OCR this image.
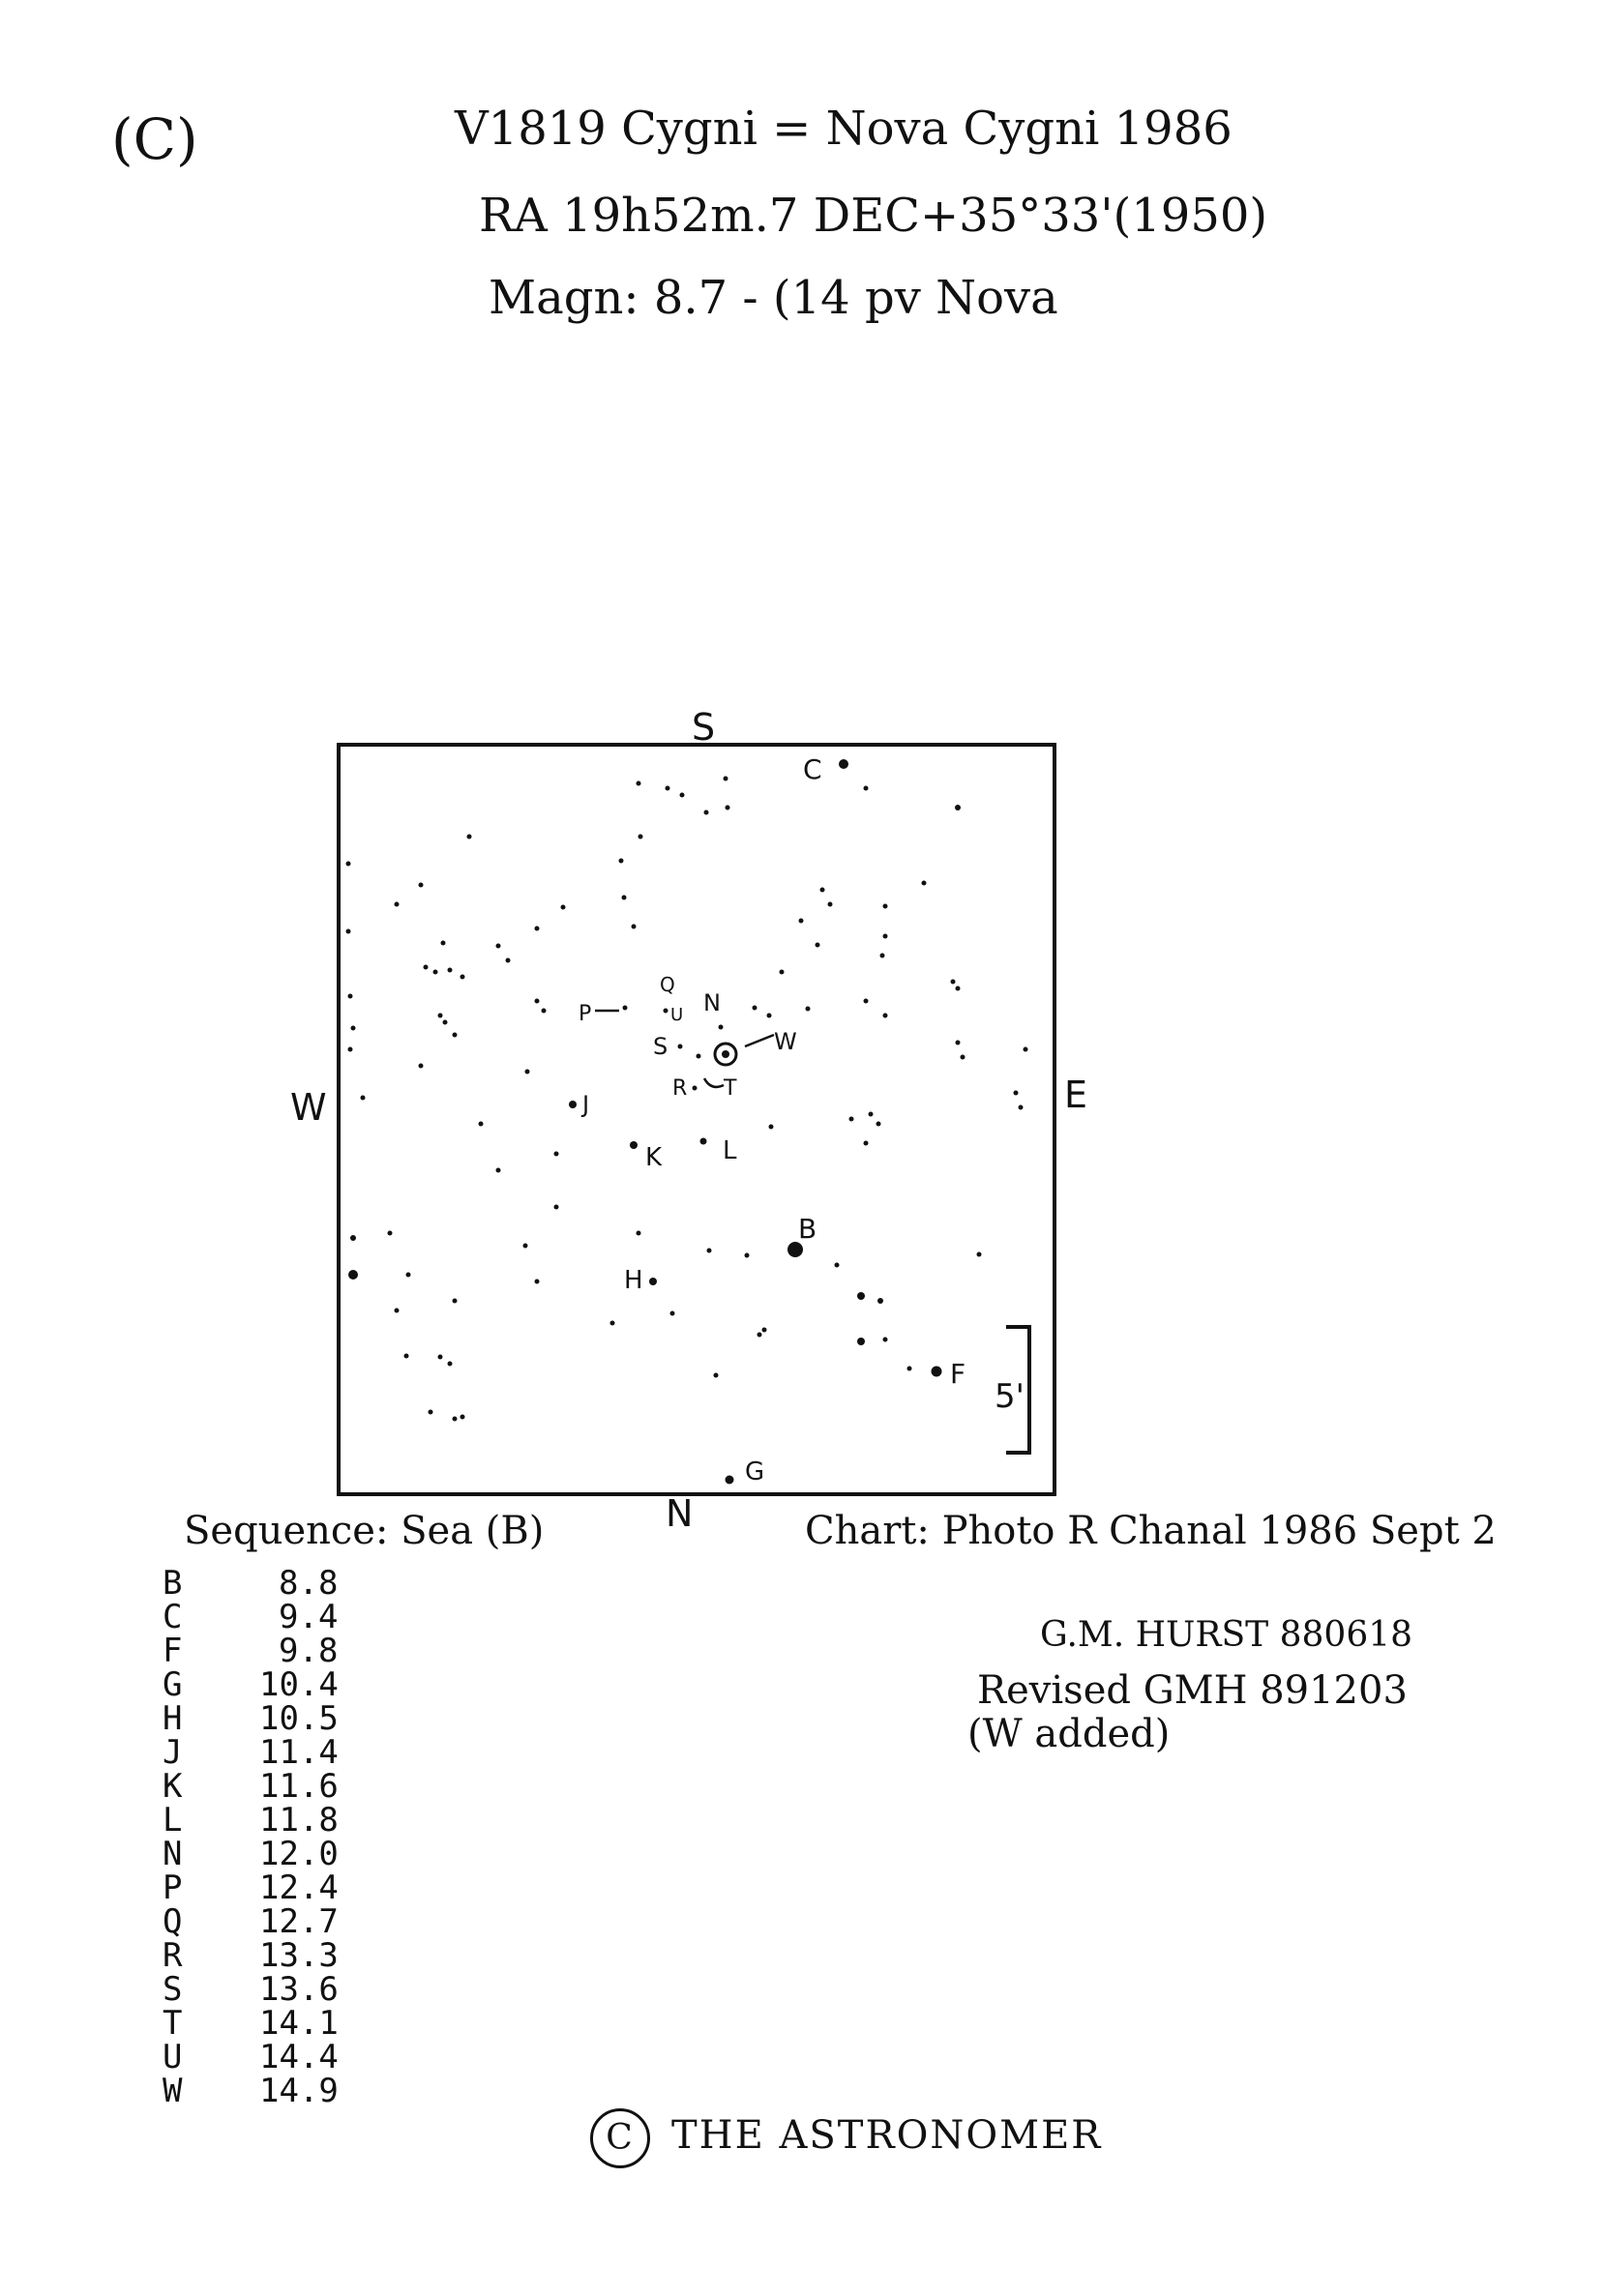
(C)	V1819 Cygni = Nova Cygni 1986
RA 19h52m.7 DEC+35°33'(1950)
Magn: 8.7 - (14 pv Nova
S
N
W	E
5'
C
Q
U N
P
S	W
R T
J
K L
B
H
F
G
Sequence: Sea (B)
B	8.8
C	9.4
F	9.8
G 10.4
H 10.5
J 11.4
K 11.6
L 11.8
N 12.0
P 12.4
Q 12.7
R 13.3
S 13.6
T 14.1
U 14.4
W 14.9
Chart: Photo R Chanal 1986 Sept 2
G.M. HURST 880618
Revised GMH 891203
(W added)
C THE ASTRONOMER
